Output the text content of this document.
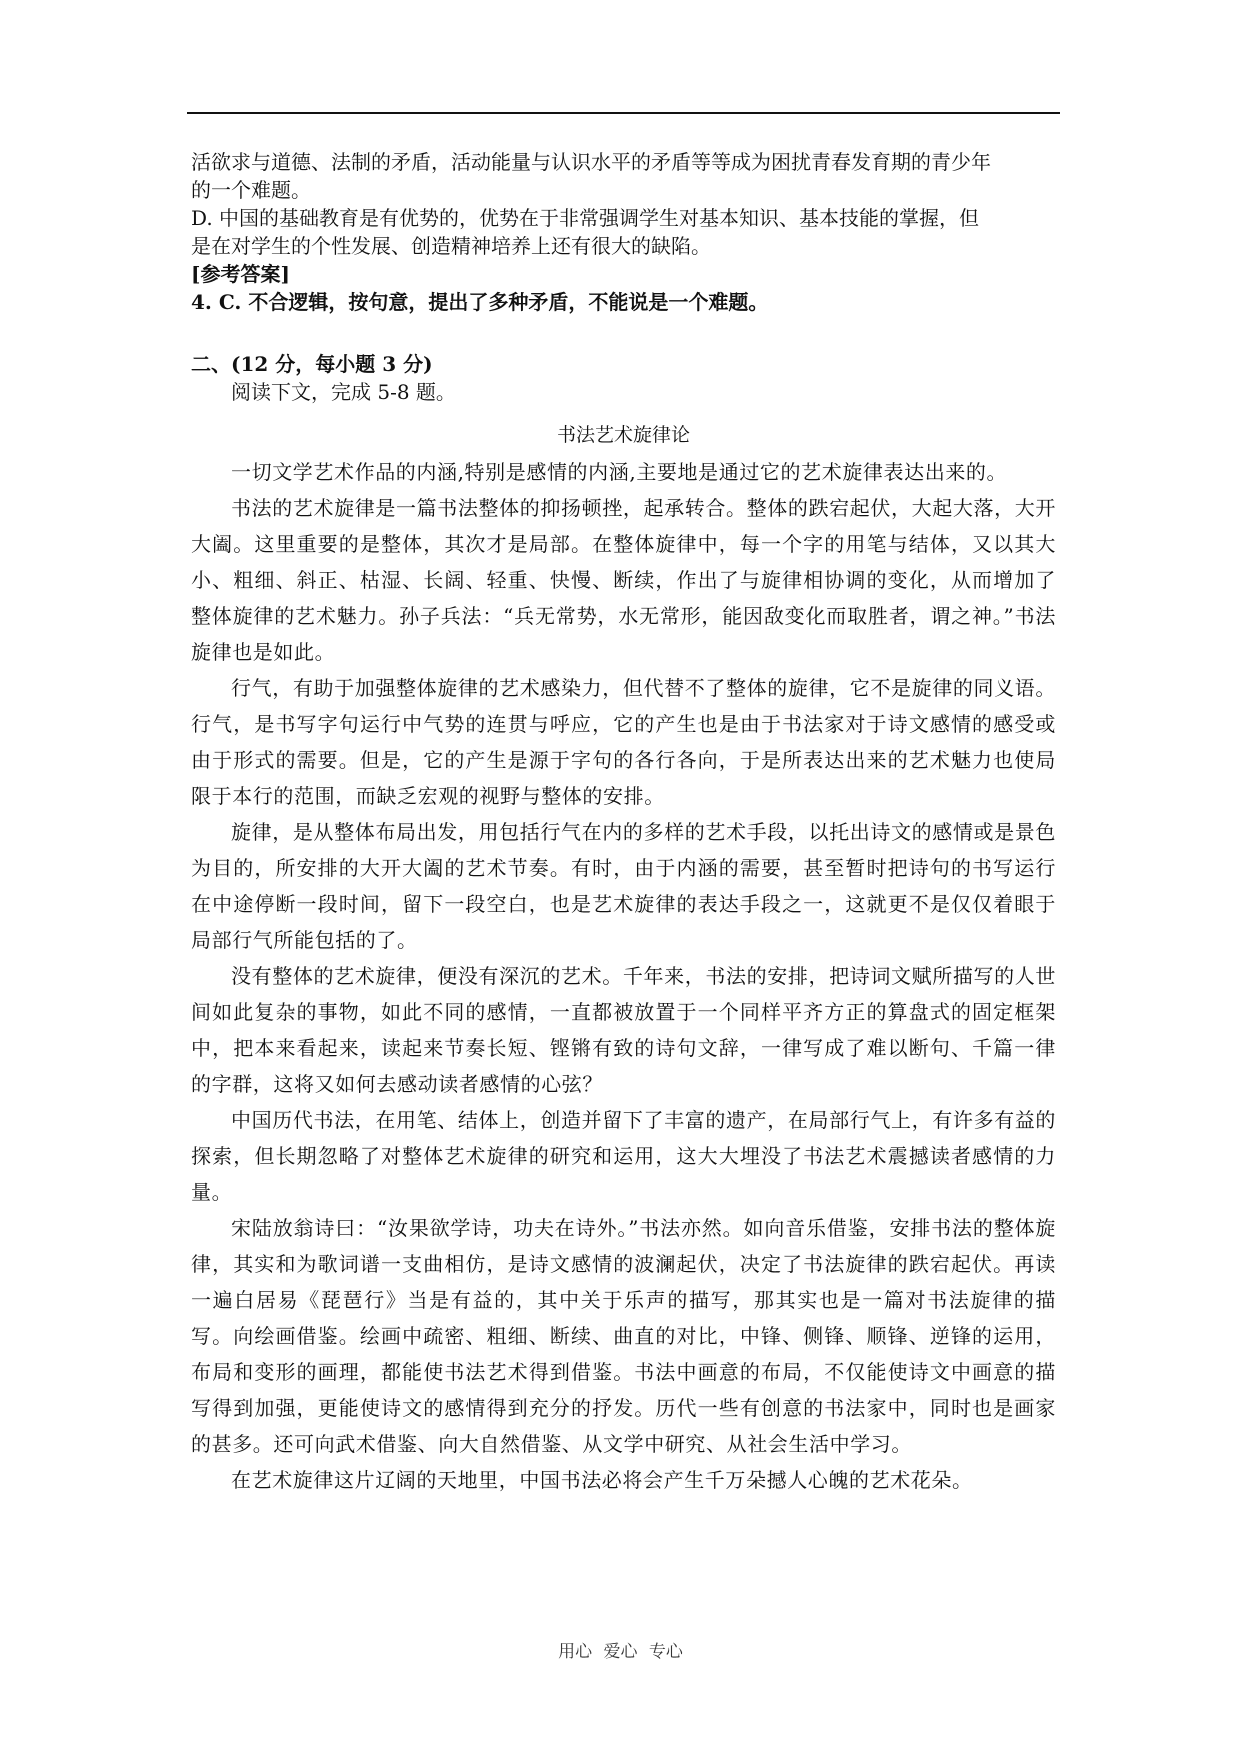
活欲求与道德、法制的矛盾，活动能量与认识水平的矛盾等等成为困扰青春发育期的青少年

的一个难题。

D. 中国的基础教育是有优势的，优势在于非常强调学生对基本知识、基本技能的掌握，但

是在对学生的个性发展、创造精神培养上还有很大的缺陷。

[参考答案]

4. C. 不合逻辑，按句意，提出了多种矛盾，不能说是一个难题。

二、(12 分，每小题 3 分)

阅读下文，完成 5-8 题。

书法艺术旋律论

一切文学艺术作品的内涵,特别是感情的内涵,主要地是通过它的艺术旋律表达出来的。

书法的艺术旋律是一篇书法整体的抑扬顿挫，起承转合。整体的跌宕起伏，大起大落，大开大阖。这里重要的是整体，其次才是局部。在整体旋律中，每一个字的用笔与结体，又以其大小、粗细、斜正、枯湿、长阔、轻重、快慢、断续，作出了与旋律相协调的变化，从而增加了整体旋律的艺术魅力。孙子兵法：“兵无常势，水无常形，能因敌变化而取胜者，谓之神。”书法旋律也是如此。

行气，有助于加强整体旋律的艺术感染力，但代替不了整体的旋律，它不是旋律的同义语。行气，是书写字句运行中气势的连贯与呼应，它的产生也是由于书法家对于诗文感情的感受或由于形式的需要。但是，它的产生是源于字句的各行各向，于是所表达出来的艺术魅力也使局限于本行的范围，而缺乏宏观的视野与整体的安排。

旋律，是从整体布局出发，用包括行气在内的多样的艺术手段，以托出诗文的感情或是景色为目的，所安排的大开大阖的艺术节奏。有时，由于内涵的需要，甚至暂时把诗句的书写运行在中途停断一段时间，留下一段空白，也是艺术旋律的表达手段之一，这就更不是仅仅着眼于局部行气所能包括的了。

没有整体的艺术旋律，便没有深沉的艺术。千年来，书法的安排，把诗词文赋所描写的人世间如此复杂的事物，如此不同的感情，一直都被放置于一个同样平齐方正的算盘式的固定框架中，把本来看起来，读起来节奏长短、铿锵有致的诗句文辞，一律写成了难以断句、千篇一律的字群，这将又如何去感动读者感情的心弦？

中国历代书法，在用笔、结体上，创造并留下了丰富的遗产，在局部行气上，有许多有益的探索，但长期忽略了对整体艺术旋律的研究和运用，这大大埋没了书法艺术震撼读者感情的力量。

宋陆放翁诗曰：“汝果欲学诗，功夫在诗外。”书法亦然。如向音乐借鉴，安排书法的整体旋律，其实和为歌词谱一支曲相仿，是诗文感情的波澜起伏，决定了书法旋律的跌宕起伏。再读一遍白居易《琵琶行》当是有益的，其中关于乐声的描写，那其实也是一篇对书法旋律的描写。向绘画借鉴。绘画中疏密、粗细、断续、曲直的对比，中锋、侧锋、顺锋、逆锋的运用，布局和变形的画理，都能使书法艺术得到借鉴。书法中画意的布局，不仅能使诗文中画意的描写得到加强，更能使诗文的感情得到充分的抒发。历代一些有创意的书法家中，同时也是画家的甚多。还可向武术借鉴、向大自然借鉴、从文学中研究、从社会生活中学习。

在艺术旋律这片辽阔的天地里，中国书法必将会产生千万朵撼人心魄的艺术花朵。

用心 爱心 专心
